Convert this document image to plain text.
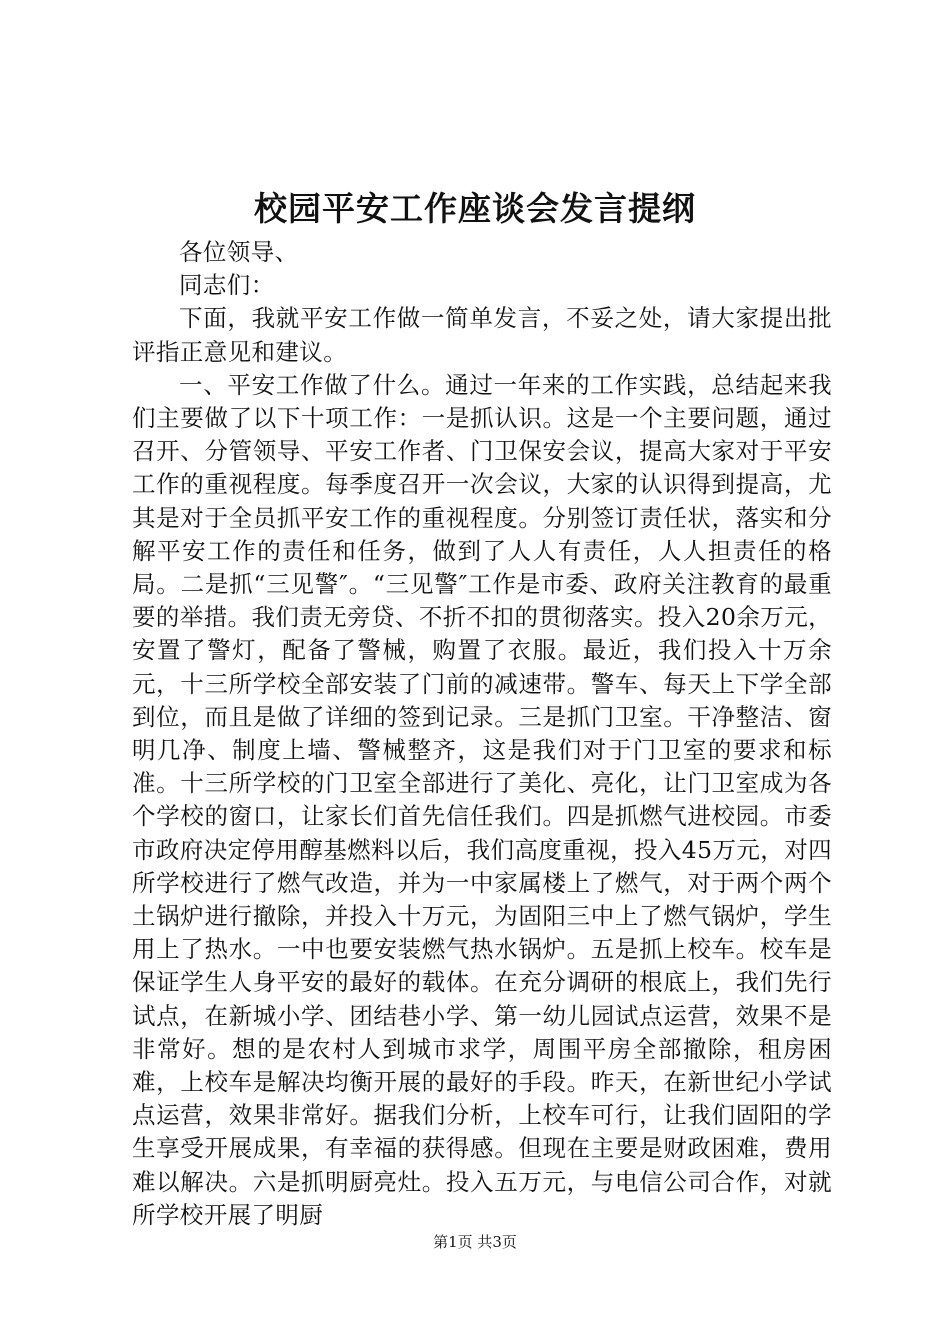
校园平安工作座谈会发言提纲

各位领导、

同志们：

下面，我就平安工作做一简单发言，不妥之处，请大家提出批评指正意见和建议。

一、平安工作做了什么。通过一年来的工作实践，总结起来我们主要做了以下十项工作：一是抓认识。这是一个主要问题，通过召开、分管领导、平安工作者、门卫保安会议，提高大家对于平安工作的重视程度。每季度召开一次会议，大家的认识得到提高，尤其是对于全员抓平安工作的重视程度。分别签订责任状，落实和分解平安工作的责任和任务，做到了人人有责任，人人担责任的格局。二是抓“三见警″。“三见警″工作是市委、政府关注教育的最重要的举措。我们责无旁贷、不折不扣的贯彻落实。投入20余万元，安置了警灯，配备了警械，购置了衣服。最近，我们投入十万余元，十三所学校全部安装了门前的减速带。警车、每天上下学全部到位，而且是做了详细的签到记录。三是抓门卫室。干净整洁、窗明几净、制度上墙、警械整齐，这是我们对于门卫室的要求和标准。十三所学校的门卫室全部进行了美化、亮化，让门卫室成为各个学校的窗口，让家长们首先信任我们。四是抓燃气进校园。市委市政府决定停用醇基燃料以后，我们高度重视，投入45万元，对四所学校进行了燃气改造，并为一中家属楼上了燃气，对于两个两个土锅炉进行撤除，并投入十万元，为固阳三中上了燃气锅炉，学生用上了热水。一中也要安装燃气热水锅炉。五是抓上校车。校车是保证学生人身平安的最好的载体。在充分调研的根底上，我们先行试点，在新城小学、团结巷小学、第一幼儿园试点运营，效果不是非常好。想的是农村人到城市求学，周围平房全部撤除，租房困难，上校车是解决均衡开展的最好的手段。昨天，在新世纪小学试点运营，效果非常好。据我们分析，上校车可行，让我们固阳的学生享受开展成果，有幸福的获得感。但现在主要是财政困难，费用难以解决。六是抓明厨亮灶。投入五万元，与电信公司合作，对就所学校开展了明厨

第1页 共3页
